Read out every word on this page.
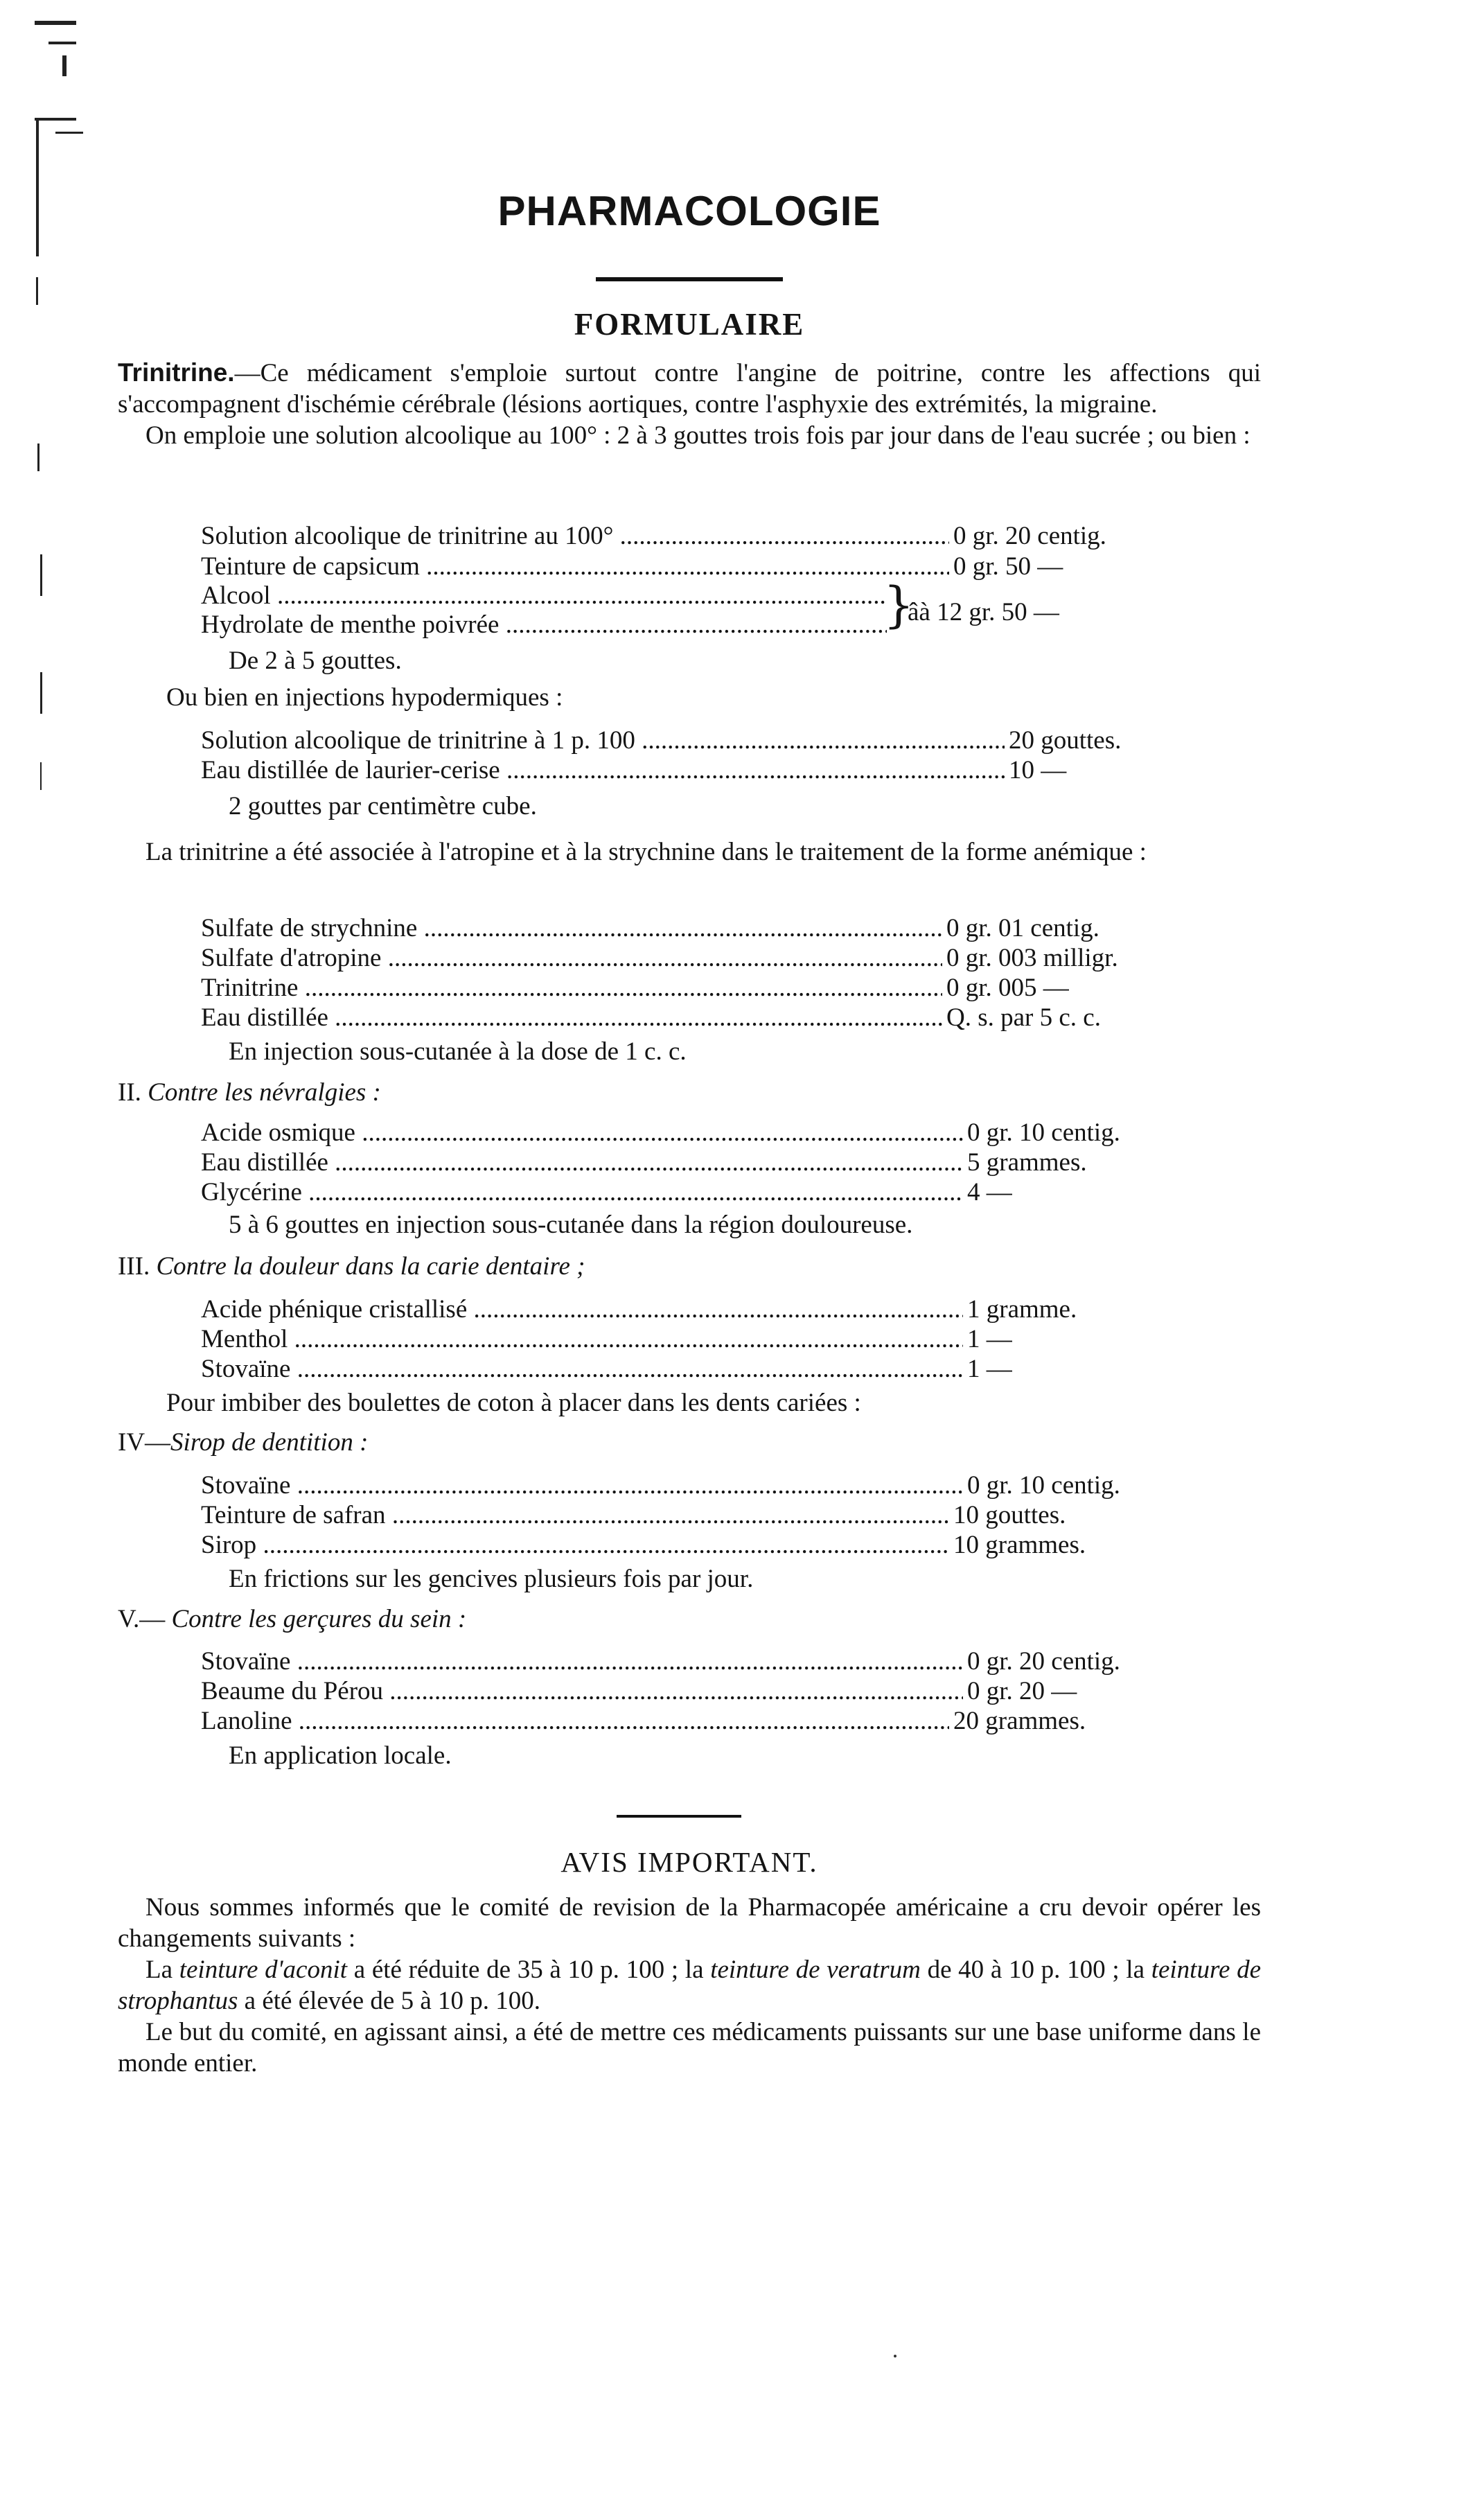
PHARMACOLOGIE
FORMULAIRE

Trinitrine.—Ce médicament s'emploie surtout contre l'angine de poitrine, contre les affections qui s'accompagnent d'ischémie cérébrale (lésions aortiques, contre l'asphyxie des extrémités, la migraine.

On emploie une solution alcoolique au 100° : 2 à 3 gouttes trois fois par jour dans de l'eau sucrée ; ou bien :

Solution alcoolique de trinitrine au 100° .....	0 gr. 20 centig.
Teinture de capsicum .....	0 gr. 50 —
Alcool .....
Hydrolate de menthe poivrée .....	}
âà 12 gr. 50 —
De 2 à 5 gouttes.
Ou bien en injections hypodermiques :
Solution alcoolique de trinitrine à 1 p. 100 .....	20 gouttes.
Eau distillée de laurier-cerise .....	10 —
2 gouttes par centimètre cube.

La trinitrine a été associée à l'atropine et à la strychnine dans le traitement de la forme anémique :

Sulfate de strychnine .....	0 gr. 01 centig.
Sulfate d'atropine .....	0 gr. 003 milligr.
Trinitrine .....	0 gr. 005 —
Eau distillée .....	Q. s. par 5 c. c.
En injection sous-cutanée à la dose de 1 c. c.
II. Contre les névralgies :
Acide osmique .....	0 gr. 10 centig.
Eau distillée .....	5 grammes.
Glycérine .....	4 —
5 à 6 gouttes en injection sous-cutanée dans la région douloureuse.
III. Contre la douleur dans la carie dentaire ;
Acide phénique cristallisé .....	1 gramme.
Menthol .....	1 —
Stovaïne .....	1 —
Pour imbiber des boulettes de coton à placer dans les dents cariées :
IV—Sirop de dentition :
Stovaïne .....	0 gr. 10 centig.
Teinture de safran .....	10 gouttes.
Sirop .....	10 grammes.
En frictions sur les gencives plusieurs fois par jour.
V.— Contre les gerçures du sein :
Stovaïne .....	0 gr. 20 centig.
Beaume du Pérou .....	0 gr. 20 —
Lanoline .....	20 grammes.
En application locale.
AVIS IMPORTANT.

Nous sommes informés que le comité de revision de la Pharmacopée américaine a cru devoir opérer les changements suivants :

La teinture d'aconit a été réduite de 35 à 10 p. 100 ; la teinture de veratrum de 40 à 10 p. 100 ; la teinture de strophantus a été élevée de 5 à 10 p. 100.

Le but du comité, en agissant ainsi, a été de mettre ces médicaments puissants sur une base uniforme dans le monde entier.
